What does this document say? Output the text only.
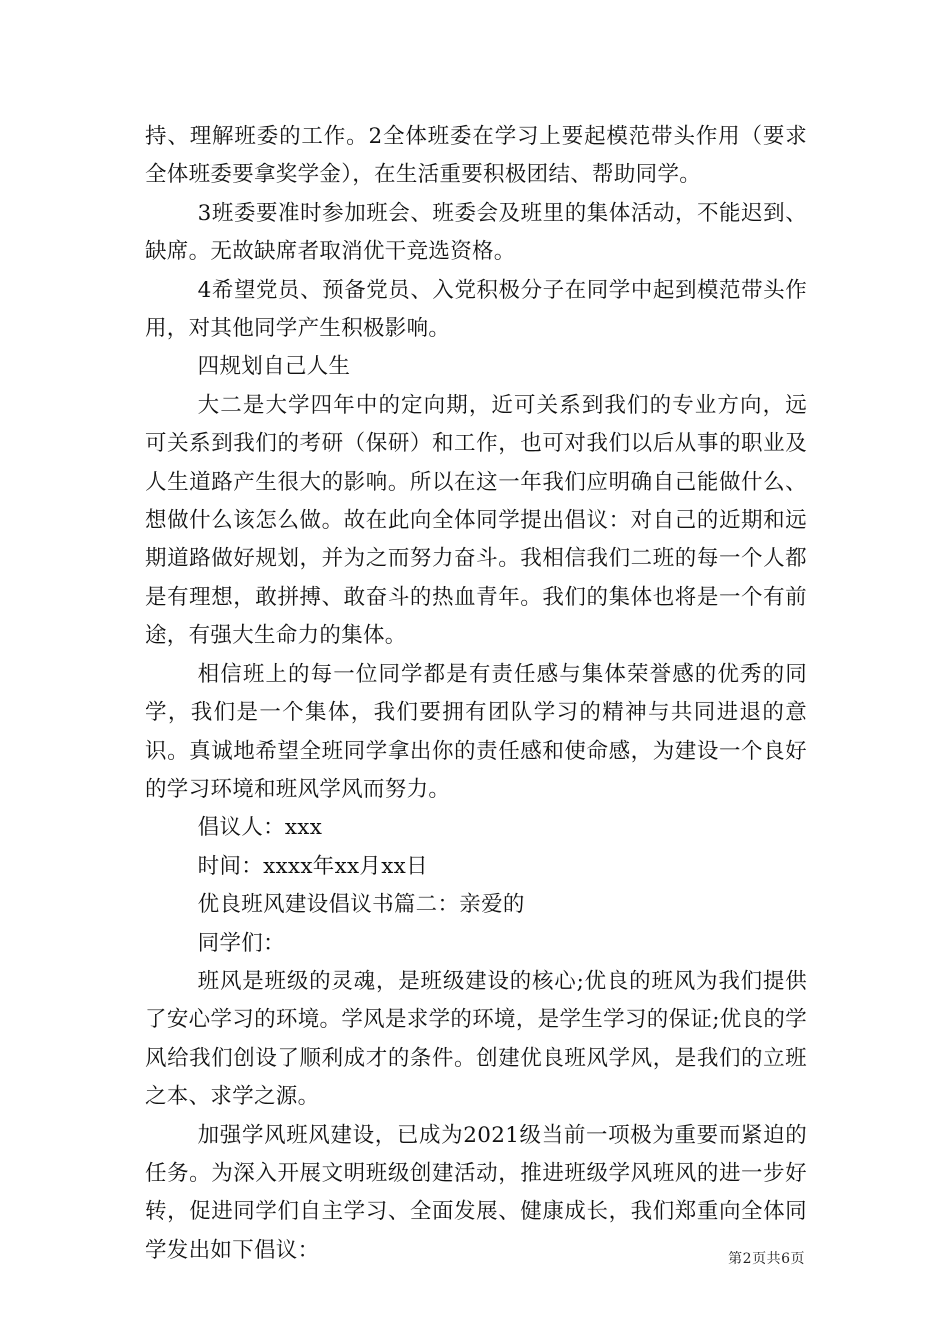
持、理解班委的工作。2全体班委在学习上要起模范带头作用（要求全体班委要拿奖学金），在生活重要积极团结、帮助同学。

3班委要准时参加班会、班委会及班里的集体活动，不能迟到、缺席。无故缺席者取消优干竞选资格。

4希望党员、预备党员、入党积极分子在同学中起到模范带头作用，对其他同学产生积极影响。

四规划自己人生

大二是大学四年中的定向期，近可关系到我们的专业方向，远可关系到我们的考研（保研）和工作，也可对我们以后从事的职业及人生道路产生很大的影响。所以在这一年我们应明确自己能做什么、想做什么该怎么做。故在此向全体同学提出倡议：对自己的近期和远期道路做好规划，并为之而努力奋斗。我相信我们二班的每一个人都是有理想，敢拼搏、敢奋斗的热血青年。我们的集体也将是一个有前途，有强大生命力的集体。

相信班上的每一位同学都是有责任感与集体荣誉感的优秀的同学，我们是一个集体，我们要拥有团队学习的精神与共同进退的意识。真诚地希望全班同学拿出你的责任感和使命感，为建设一个良好的学习环境和班风学风而努力。

倡议人：xxx

时间：xxxx年xx月xx日

优良班风建设倡议书篇二：亲爱的

同学们：

班风是班级的灵魂，是班级建设的核心;优良的班风为我们提供了安心学习的环境。学风是求学的环境，是学生学习的保证;优良的学风给我们创设了顺利成才的条件。创建优良班风学风，是我们的立班之本、求学之源。

加强学风班风建设，已成为2021级当前一项极为重要而紧迫的任务。为深入开展文明班级创建活动，推进班级学风班风的进一步好转，促进同学们自主学习、全面发展、健康成长，我们郑重向全体同学发出如下倡议：	第2页共6页
